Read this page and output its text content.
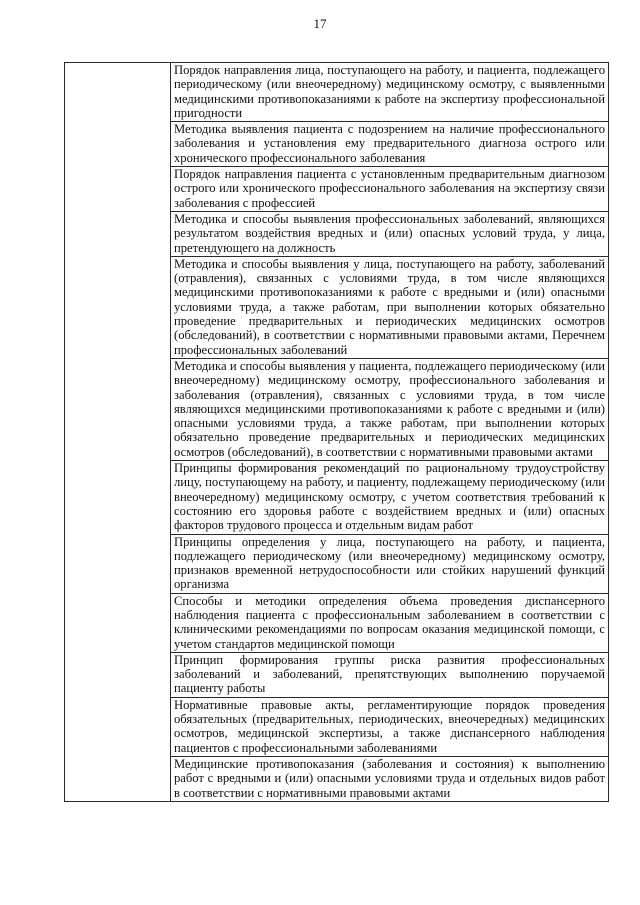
17
	Порядок направления лица, поступающего на работу, и пациента, подлежащего периодическому (или внеочередному) медицинскому осмотру, с выявленными медицинскими противопоказаниями к работе на экспертизу профессиональной пригодности
Методика выявления пациента с подозрением на наличие профессионального заболевания и установления ему предварительного диагноза острого или хронического профессионального заболевания
Порядок направления пациента с установленным предварительным диагнозом острого или хронического профессионального заболевания на экспертизу связи заболевания с профессией
Методика и способы выявления профессиональных заболеваний, являющихся результатом воздействия вредных и (или) опасных условий труда, у лица, претендующего на должность
Методика и способы выявления у лица, поступающего на работу, заболеваний (отравления), связанных с условиями труда, в том числе являющихся медицинскими противопоказаниями к работе с вредными и (или) опасными условиями труда, а также работам, при выполнении которых обязательно проведение предварительных и периодических медицинских осмотров (обследований), в соответствии с нормативными правовыми актами, Перечнем профессиональных заболеваний
Методика и способы выявления у пациента, подлежащего периодическому (или внеочередному) медицинскому осмотру, профессионального заболевания и заболевания (отравления), связанных с условиями труда, в том числе являющихся медицинскими противопоказаниями к работе с вредными и (или) опасными условиями труда, а также работам, при выполнении которых обязательно проведение предварительных и периодических медицинских осмотров (обследований), в соответствии с нормативными правовыми актами
Принципы формирования рекомендаций по рациональному трудоустройству лицу, поступающему на работу, и пациенту, подлежащему периодическому (или внеочередному) медицинскому осмотру, с учетом соответствия требований к состоянию его здоровья работе с воздействием вредных и (или) опасных факторов трудового процесса и отдельным видам работ
Принципы определения у лица, поступающего на работу, и пациента, подлежащего периодическому (или внеочередному) медицинскому осмотру, признаков временной нетрудоспособности или стойких нарушений функций организма
Способы и методики определения объема проведения диспансерного наблюдения пациента с профессиональным заболеванием в соответствии с клиническими рекомендациями по вопросам оказания медицинской помощи, с учетом стандартов медицинской помощи
Принцип формирования группы риска развития профессиональных заболеваний и заболеваний, препятствующих выполнению поручаемой пациенту работы
Нормативные правовые акты, регламентирующие порядок проведения обязательных (предварительных, периодических, внеочередных) медицинских осмотров, медицинской экспертизы, а также диспансерного наблюдения пациентов с профессиональными заболеваниями
Медицинские противопоказания (заболевания и состояния) к выполнению работ с вредными и (или) опасными условиями труда и отдельных видов работ в соответствии с нормативными правовыми актами
